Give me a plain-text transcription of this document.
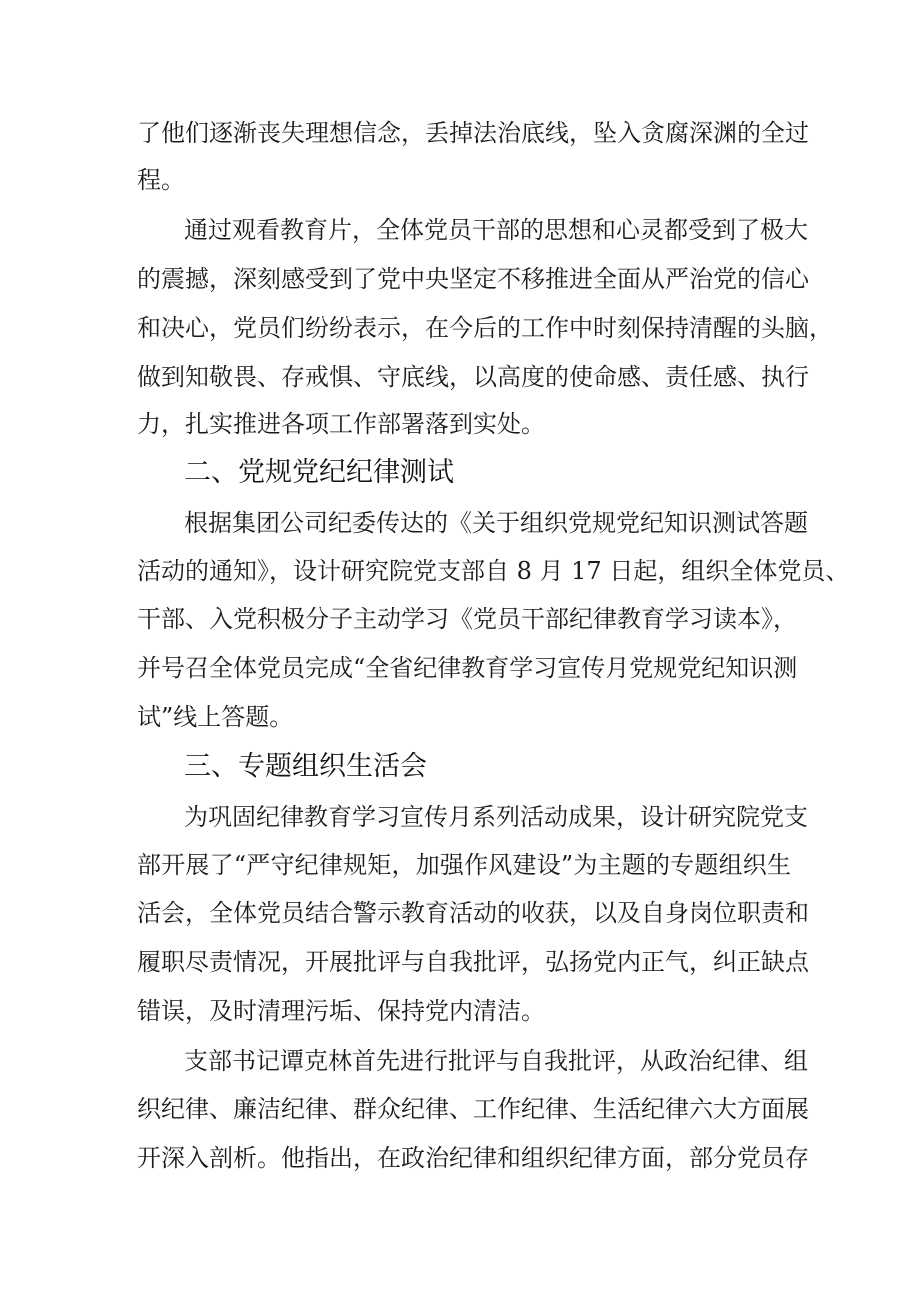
了他们逐渐丧失理想信念，丢掉法治底线，坠入贪腐深渊的全过
程。
通过观看教育片，全体党员干部的思想和心灵都受到了极大
的震撼，深刻感受到了党中央坚定不移推进全面从严治党的信心
和决心，党员们纷纷表示，在今后的工作中时刻保持清醒的头脑，
做到知敬畏、存戒惧、守底线，以高度的使命感、责任感、执行
力，扎实推进各项工作部署落到实处。
二、党规党纪纪律测试
根据集团公司纪委传达的《关于组织党规党纪知识测试答题
活动的通知》，设计研究院党支部自 8 月 17 日起，组织全体党员、
干部、入党积极分子主动学习《党员干部纪律教育学习读本》，
并号召全体党员完成“全省纪律教育学习宣传月党规党纪知识测
试”线上答题。
三、专题组织生活会
为巩固纪律教育学习宣传月系列活动成果，设计研究院党支
部开展了“严守纪律规矩，加强作风建设”为主题的专题组织生
活会，全体党员结合警示教育活动的收获，以及自身岗位职责和
履职尽责情况，开展批评与自我批评，弘扬党内正气，纠正缺点
错误，及时清理污垢、保持党内清洁。
支部书记谭克林首先进行批评与自我批评，从政治纪律、组
织纪律、廉洁纪律、群众纪律、工作纪律、生活纪律六大方面展
开深入剖析。他指出，在政治纪律和组织纪律方面，部分党员存
